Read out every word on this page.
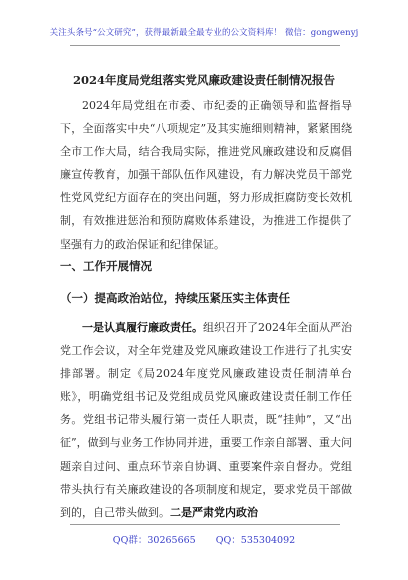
关注头条号“公文研究”，获得最新最全最专业的公文资料库！ 微信：gongwenyj
2024年度局党组落实党风廉政建设责任制情况报告
2024年局党组在市委、市纪委的正确领导和监督指导下，全面落实中央“八项规定”及其实施细则精神，紧紧围绕全市工作大局，结合我局实际，推进党风廉政建设和反腐倡廉宣传教育，加强干部队伍作风建设，有力解决党员干部党性党风党纪方面存在的突出问题，努力形成拒腐防变长效机制，有效推进惩治和预防腐败体系建设，为推进工作提供了坚强有力的政治保证和纪律保证。
一、工作开展情况
（一）提高政治站位，持续压紧压实主体责任
一是认真履行廉政责任。组织召开了2024年全面从严治党工作会议，对全年党建及党风廉政建设工作进行了扎实安排部署。制定《局2024年度党风廉政建设责任制清单台账》，明确党组书记及党组成员党风廉政建设责任制工作任务。党组书记带头履行第一责任人职责，既“挂帅”，又“出征”，做到与业务工作协同并进，重要工作亲自部署、重大问题亲自过问、重点环节亲自协调、重要案件亲自督办。党组带头执行有关廉政建设的各项制度和规定，要求党员干部做到的，自己带头做到。二是严肃党内政治
QQ群：30265665 QQ：535304092
